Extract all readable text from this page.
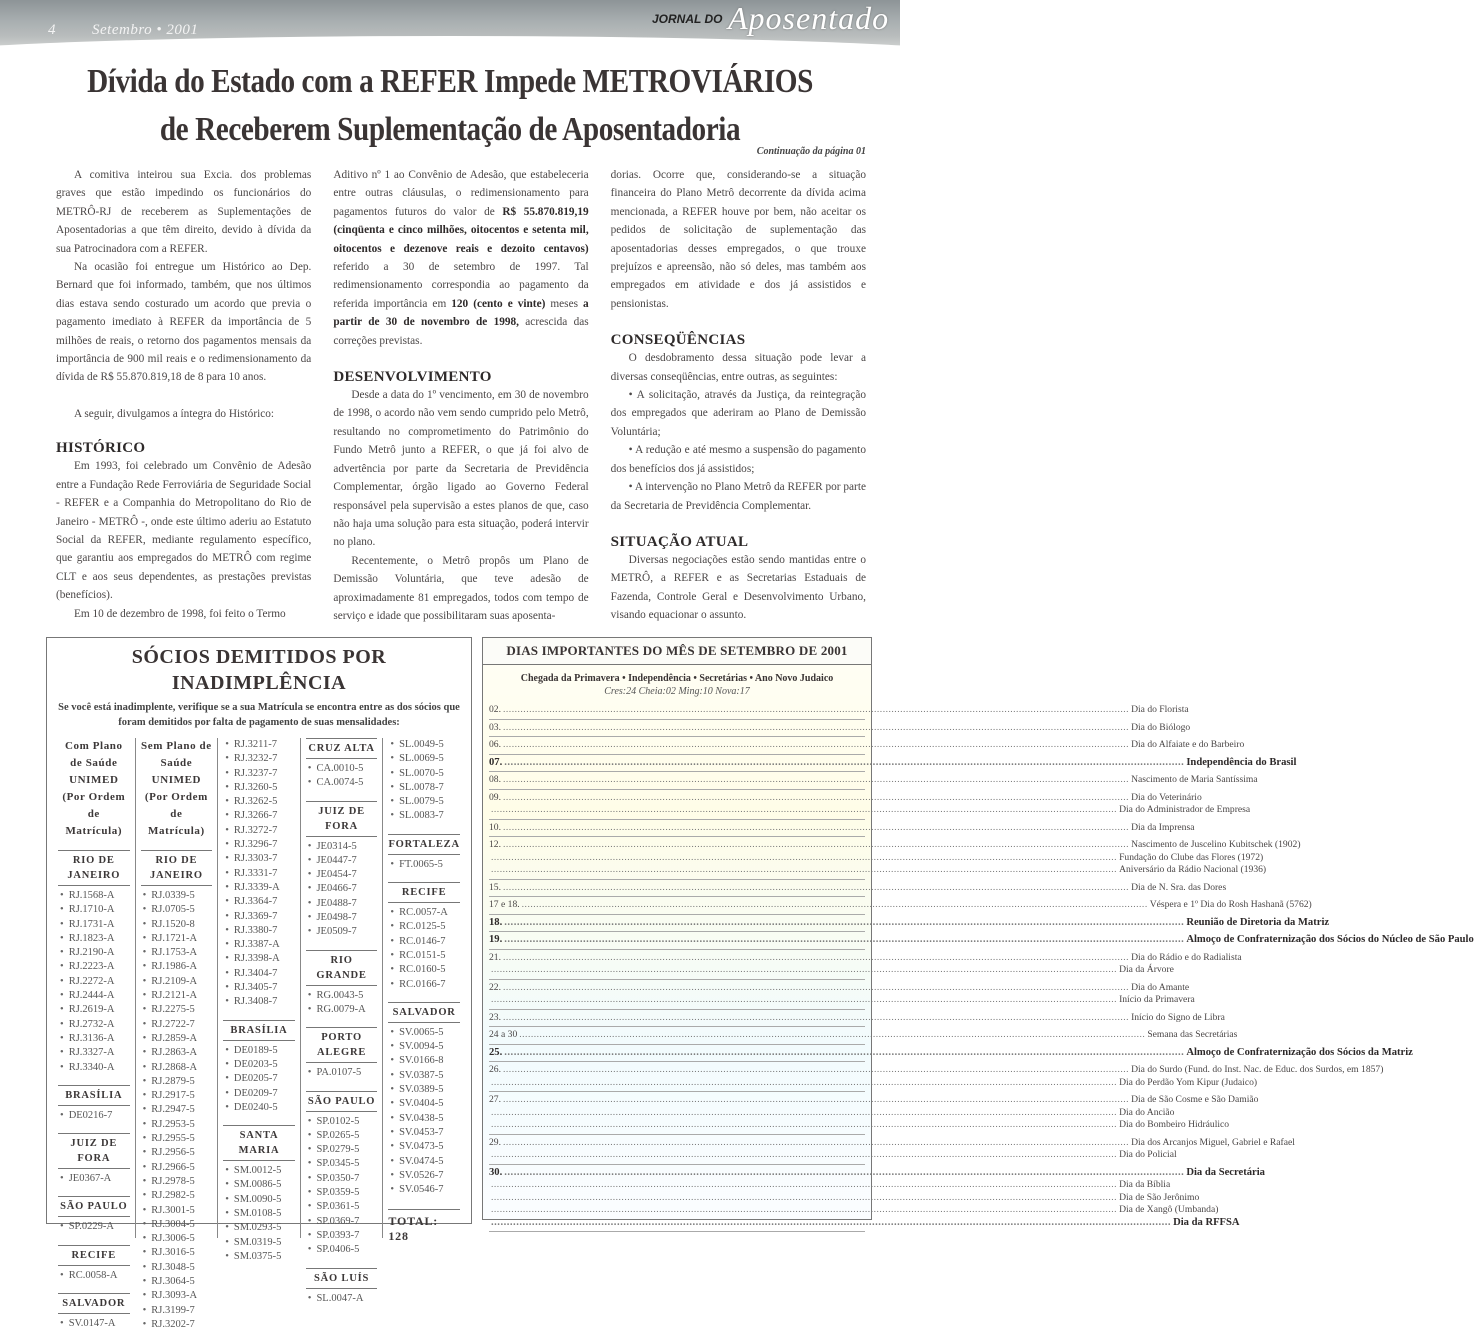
4 Setembro • 2001
JORNAL DO Aposentado
Dívida do Estado com a REFER Impede METROVIÁRIOS
de Receberem Suplementação de Aposentadoria
Continuação da página 01

A comitiva inteirou sua Excia. dos problemas graves que estão impedindo os funcionários do METRÔ-RJ de receberem as Suplementações de Aposentadorias a que têm direito, devido à dívida da sua Patrocinadora com a REFER.

Na ocasião foi entregue um Histórico ao Dep. Bernard que foi informado, também, que nos últimos dias estava sendo costurado um acordo que previa o pagamento imediato à REFER da importância de 5 milhões de reais, o retorno dos pagamentos mensais da importância de 900 mil reais e o redimensionamento da dívida de R$ 55.870.819,18 de 8 para 10 anos.

A seguir, divulgamos a íntegra do Histórico:

HISTÓRICO

Em 1993, foi celebrado um Convênio de Adesão entre a Fundação Rede Ferroviária de Seguridade Social - REFER e a Companhia do Metropolitano do Rio de Janeiro - METRÔ -, onde este último aderiu ao Estatuto Social da REFER, mediante regulamento específico, que garantiu aos empregados do METRÔ com regime CLT e aos seus dependentes, as prestações previstas (benefícios).

Em 10 de dezembro de 1998, foi feito o Termo

Aditivo nº 1 ao Convênio de Adesão, que estabeleceria entre outras cláusulas, o redimensionamento para pagamentos futuros do valor de R$ 55.870.819,19 (cinqüenta e cinco milhões, oitocentos e setenta mil, oitocentos e dezenove reais e dezoito centavos) referido a 30 de setembro de 1997. Tal redimensionamento correspondia ao pagamento da referida importância em 120 (cento e vinte) meses a partir de 30 de novembro de 1998, acrescida das correções previstas.

DESENVOLVIMENTO

Desde a data do 1º vencimento, em 30 de novembro de 1998, o acordo não vem sendo cumprido pelo Metrô, resultando no comprometimento do Patrimônio do Fundo Metrô junto a REFER, o que já foi alvo de advertência por parte da Secretaria de Previdência Complementar, órgão ligado ao Governo Federal responsável pela supervisão a estes planos de que, caso não haja uma solução para esta situação, poderá intervir no plano.

Recentemente, o Metrô propôs um Plano de Demissão Voluntária, que teve adesão de aproximadamente 81 empregados, todos com tempo de serviço e idade que possibilitaram suas aposenta-

dorias. Ocorre que, considerando-se a situação financeira do Plano Metrô decorrente da dívida acima mencionada, a REFER houve por bem, não aceitar os pedidos de solicitação de suplementação das aposentadorias desses empregados, o que trouxe prejuízos e apreensão, não só deles, mas também aos empregados em atividade e dos já assistidos e pensionistas.

CONSEQÜÊNCIAS

O desdobramento dessa situação pode levar a diversas conseqüências, entre outras, as seguintes:

• A solicitação, através da Justiça, da reintegração dos empregados que aderiram ao Plano de Demissão Voluntária;

• A redução e até mesmo a suspensão do pagamento dos benefícios dos já assistidos;

• A intervenção no Plano Metrô da REFER por parte da Secretaria de Previdência Complementar.

SITUAÇÃO ATUAL

Diversas negociações estão sendo mantidas entre o METRÔ, a REFER e as Secretarias Estaduais de Fazenda, Controle Geral e Desenvolvimento Urbano, visando equacionar o assunto.

SÓCIOS DEMITIDOS POR INADIMPLÊNCIA
Se você está inadimplente, verifique se a sua Matrícula se encontra entre as dos sócios que foram demitidos por falta de pagamento de suas mensalidades:
Com Plano de Saúde UNIMED (Por Ordem de Matrícula)
RIO DE JANEIRO
• RJ.1568-A
• RJ.1710-A
• RJ.1731-A
• RJ.1823-A
• RJ.2190-A
• RJ.2223-A
• RJ.2272-A
• RJ.2444-A
• RJ.2619-A
• RJ.2732-A
• RJ.3136-A
• RJ.3327-A
• RJ.3340-A
BRASÍLIA
• DE0216-7
JUIZ DE FORA
• JE0367-A
SÃO PAULO
• SP.0229-A
RECIFE
• RC.0058-A
SALVADOR
• SV.0147-A
Sem Plano de Saúde UNIMED (Por Ordem de Matrícula)
RIO DE JANEIRO
• RJ.0339-5
• RJ.0705-5
• RJ.1520-8
• RJ.1721-A
• RJ.1753-A
• RJ.1986-A
• RJ.2109-A
• RJ.2121-A
• RJ.2275-5
• RJ.2722-7
• RJ.2859-A
• RJ.2863-A
• RJ.2868-A
• RJ.2879-5
• RJ.2917-5
• RJ.2947-5
• RJ.2953-5
• RJ.2955-5
• RJ.2956-5
• RJ.2966-5
• RJ.2978-5
• RJ.2982-5
• RJ.3001-5
• RJ.3004-5
• RJ.3006-5
• RJ.3016-5
• RJ.3048-5
• RJ.3064-5
• RJ.3093-A
• RJ.3199-7
• RJ.3202-7
• RJ.3211-7
• RJ.3232-7
• RJ.3237-7
• RJ.3260-5
• RJ.3262-5
• RJ.3266-7
• RJ.3272-7
• RJ.3296-7
• RJ.3303-7
• RJ.3331-7
• RJ.3339-A
• RJ.3364-7
• RJ.3369-7
• RJ.3380-7
• RJ.3387-A
• RJ.3398-A
• RJ.3404-7
• RJ.3405-7
• RJ.3408-7
BRASÍLIA
• DE0189-5
• DE0203-5
• DE0205-7
• DE0209-7
• DE0240-5
SANTA MARIA
• SM.0012-5
• SM.0086-5
• SM.0090-5
• SM.0108-5
• SM.0293-5
• SM.0319-5
• SM.0375-5
CRUZ ALTA
• CA.0010-5
• CA.0074-5
JUIZ DE FORA
• JE0314-5
• JE0447-7
• JE0454-7
• JE0466-7
• JE0488-7
• JE0498-7
• JE0509-7
RIO GRANDE
• RG.0043-5
• RG.0079-A
PORTO ALEGRE
• PA.0107-5
SÃO PAULO
• SP.0102-5
• SP.0265-5
• SP.0279-5
• SP.0345-5
• SP.0350-7
• SP.0359-5
• SP.0361-5
• SP.0369-7
• SP.0393-7
• SP.0406-5
SÃO LUÍS
• SL.0047-A
• SL.0049-5
• SL.0069-5
• SL.0070-5
• SL.0078-7
• SL.0079-5
• SL.0083-7
FORTALEZA
• FT.0065-5
RECIFE
• RC.0057-A
• RC.0125-5
• RC.0146-7
• RC.0151-5
• RC.0160-5
• RC.0166-7
SALVADOR
• SV.0065-5
• SV.0094-5
• SV.0166-8
• SV.0387-5
• SV.0389-5
• SV.0404-5
• SV.0438-5
• SV.0453-7
• SV.0473-5
• SV.0474-5
• SV.0526-7
• SV.0546-7
TOTAL: 128
DIAS IMPORTANTES DO MÊS DE SETEMBRO DE 2001
Chegada da Primavera • Independência • Secretárias • Ano Novo Judaico
Cres:24 Cheia:02 Ming:10 Nova:17
02. .....	Dia do Florista
03. .....	Dia do Biólogo
06. .....	Dia do Alfaiate e do Barbeiro
07. .....	Independência do Brasil
08. .....	Nascimento de Maria Santíssima
09. .....	Dia do Veterinário
.....
Dia do Administrador de Empresa
10. .....	Dia da Imprensa
12. .....	Nascimento de Juscelino Kubitschek (1902)
.....
Fundação do Clube das Flores (1972)
.....
Aniversário da Rádio Nacional (1936)
15. .....	Dia de N. Sra. das Dores
17 e 18. .....	Véspera e 1º Dia do Rosh Hashanã (5762)
18. .....	Reunião de Diretoria da Matriz
19. .....	Almoço de Confraternização dos Sócios do Núcleo de São Paulo
21. .....	Dia do Rádio e do Radialista
.....
Dia da Árvore
22. .....	Dia do Amante
.....
Início da Primavera
23. .....	Início do Signo de Libra
24 a 30 .....	Semana das Secretárias
25. .....	Almoço de Confraternização dos Sócios da Matriz
26. .....	Dia do Surdo (Fund. do Inst. Nac. de Educ. dos Surdos, em 1857)
.....
Dia do Perdão Yom Kipur (Judaico)
27. .....	Dia de São Cosme e São Damião
.....
Dia do Ancião
.....
Dia do Bombeiro Hidráulico
29. .....	Dia dos Arcanjos Miguel, Gabriel e Rafael
.....
Dia do Policial
30. .....	Dia da Secretária
.....
Dia da Bíblia
.....
Dia de São Jerônimo
.....
Dia de Xangô (Umbanda)
.....
Dia da RFFSA
